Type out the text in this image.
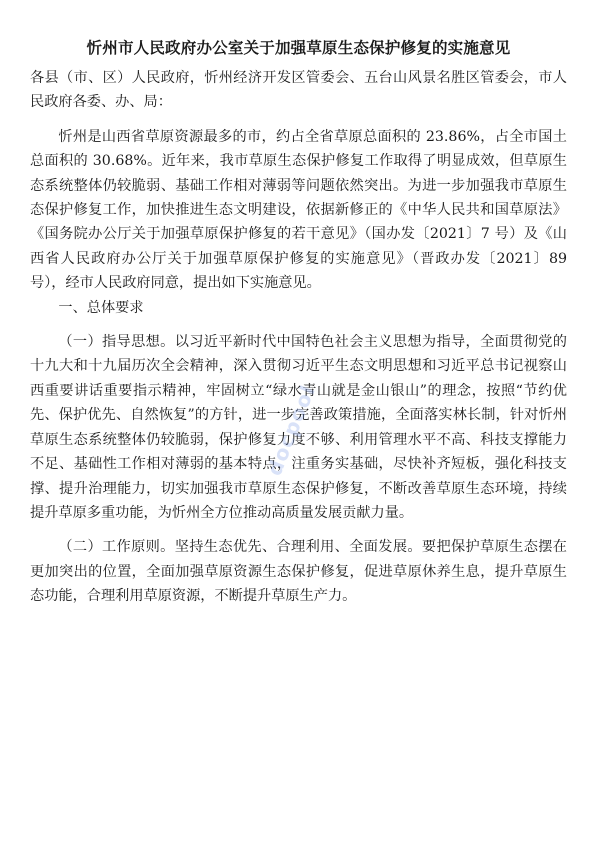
忻州市人民政府办公室关于加强草原生态保护修复的实施意见

各县（市、区）人民政府，忻州经济开发区管委会、五台山风景名胜区管委会，市人民政府各委、办、局：

忻州是山西省草原资源最多的市，约占全省草原总面积的 23.86%，占全市国土总面积的 30.68%。近年来，我市草原生态保护修复工作取得了明显成效，但草原生态系统整体仍较脆弱、基础工作相对薄弱等问题依然突出。为进一步加强我市草原生态保护修复工作，加快推进生态文明建设，依据新修正的《中华人民共和国草原法》《国务院办公厅关于加强草原保护修复的若干意见》（国办发〔2021〕7 号）及《山西省人民政府办公厅关于加强草原保护修复的实施意见》（晋政办发〔2021〕89 号），经市人民政府同意，提出如下实施意见。

一、总体要求

（一）指导思想。以习近平新时代中国特色社会主义思想为指导，全面贯彻党的十九大和十九届历次全会精神，深入贯彻习近平生态文明思想和习近平总书记视察山西重要讲话重要指示精神，牢固树立“绿水青山就是金山银山”的理念，按照“节约优先、保护优先、自然恢复”的方针，进一步完善政策措施，全面落实林长制，针对忻州草原生态系统整体仍较脆弱，保护修复力度不够、利用管理水平不高、科技支撑能力不足、基础性工作相对薄弱的基本特点，注重务实基础，尽快补齐短板，强化科技支撑、提升治理能力，切实加强我市草原生态保护修复，不断改善草原生态环境，持续提升草原多重功能，为忻州全方位推动高质量发展贡献力量。

（二）工作原则。坚持生态优先、合理利用、全面发展。要把保护草原生态摆在更加突出的位置，全面加强草原资源生态保护修复，促进草原休养生息，提升草原生态功能，合理利用草原资源，不断提升草原生产力。

docpool
